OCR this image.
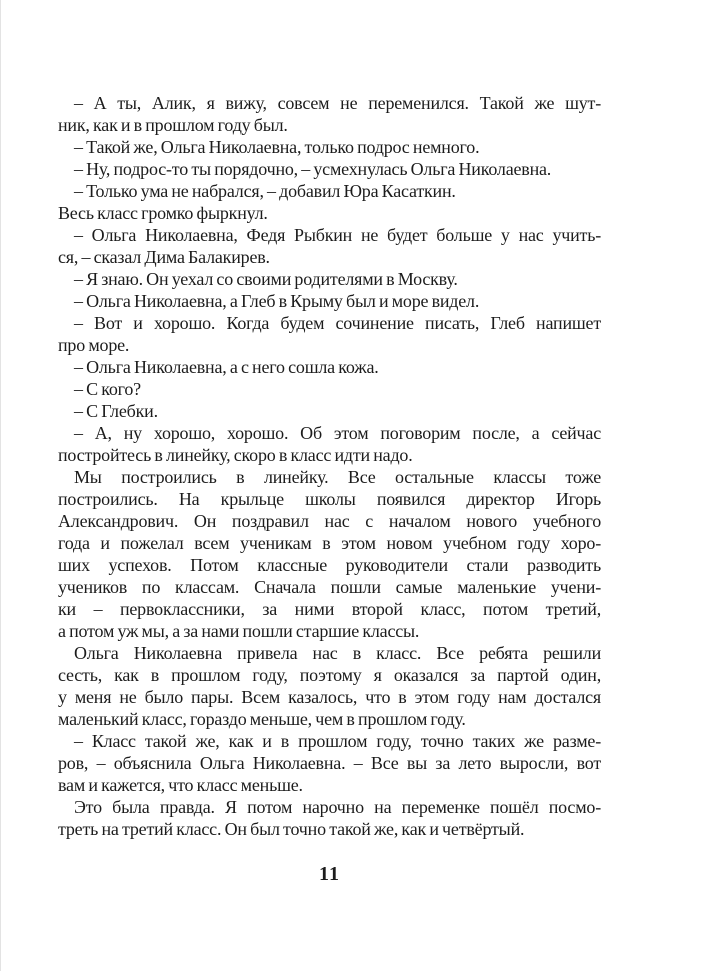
– А ты, Алик, я вижу, совсем не переменился. Такой же шут-
ник, как и в прошлом году был.
– Такой же, Ольга Николаевна, только подрос немного.
– Ну, подрос-то ты порядочно, – усмехнулась Ольга Николаевна.
– Только ума не набрался, – добавил Юра Касаткин.
Весь класс громко фыркнул.
– Ольга Николаевна, Федя Рыбкин не будет больше у нас учить-
ся, – сказал Дима Балакирев.
– Я знаю. Он уехал со своими родителями в Москву.
– Ольга Николаевна, а Глеб в Крыму был и море видел.
– Вот и хорошо. Когда будем сочинение писать, Глеб напишет
про море.
– Ольга Николаевна, а с него сошла кожа.
– С кого?
– С Глебки.
– А, ну хорошо, хорошо. Об этом поговорим после, а сейчас
постройтесь в линейку, скоро в класс идти надо.
Мы построились в линейку. Все остальные классы тоже
построились. На крыльце школы появился директор Игорь
Александрович. Он поздравил нас с началом нового учебного
года и пожелал всем ученикам в этом новом учебном году хоро-
ших успехов. Потом классные руководители стали разводить
учеников по классам. Сначала пошли самые маленькие учени-
ки – первоклассники, за ними второй класс, потом третий,
а потом уж мы, а за нами пошли старшие классы.
Ольга Николаевна привела нас в класс. Все ребята решили
сесть, как в прошлом году, поэтому я оказался за партой один,
у меня не было пары. Всем казалось, что в этом году нам достался
маленький класс, гораздо меньше, чем в прошлом году.
– Класс такой же, как и в прошлом году, точно таких же разме-
ров, – объяснила Ольга Николаевна. – Все вы за лето выросли, вот
вам и кажется, что класс меньше.
Это была правда. Я потом нарочно на переменке пошёл посмо-
треть на третий класс. Он был точно такой же, как и четвёртый.
11
